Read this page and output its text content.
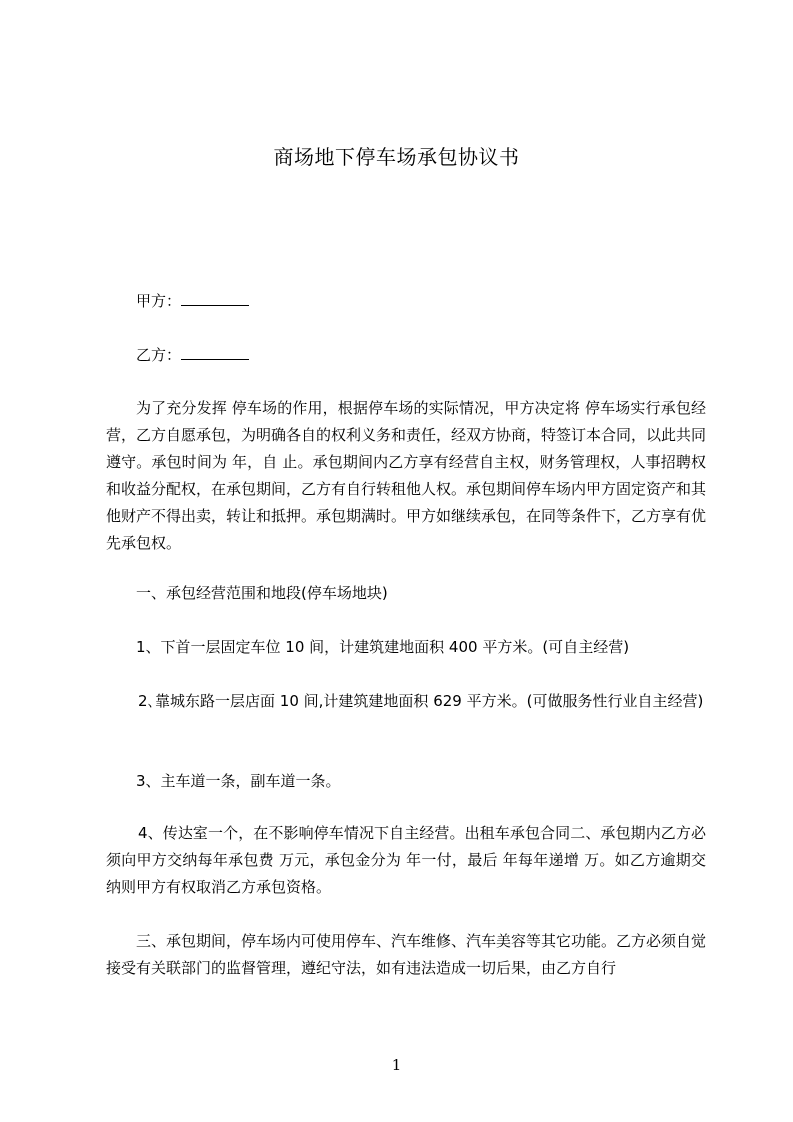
商场地下停车场承包协议书
甲方：
乙方：
为了充分发挥 停车场的作用，根据停车场的实际情况，甲方决定将 停车场实行承包经营，乙方自愿承包，为明确各自的权利义务和责任，经双方协商，特签订本合同，以此共同遵守。承包时间为 年，自 止。承包期间内乙方享有经营自主权，财务管理权，人事招聘权和收益分配权，在承包期间，乙方有自行转租他人权。承包期间停车场内甲方固定资产和其他财产不得出卖，转让和抵押。承包期满时。甲方如继续承包，在同等条件下，乙方享有优先承包权。
一、承包经营范围和地段(停车场地块)
1、下首一层固定车位 10 间，计建筑建地面积 400 平方米。(可自主经营)
2､靠城东路一层店面 10 间,计建筑建地面积 629 平方米。(可做服务性行业自主经营)
3、主车道一条，副车道一条。
4、传达室一个，在不影响停车情况下自主经营。出租车承包合同二、承包期内乙方必须向甲方交纳每年承包费 万元，承包金分为 年一付，最后 年每年递增 万。如乙方逾期交纳则甲方有权取消乙方承包资格。
三、承包期间，停车场内可使用停车、汽车维修、汽车美容等其它功能。乙方必须自觉接受有关联部门的监督管理，遵纪守法，如有违法造成一切后果，由乙方自行
1
